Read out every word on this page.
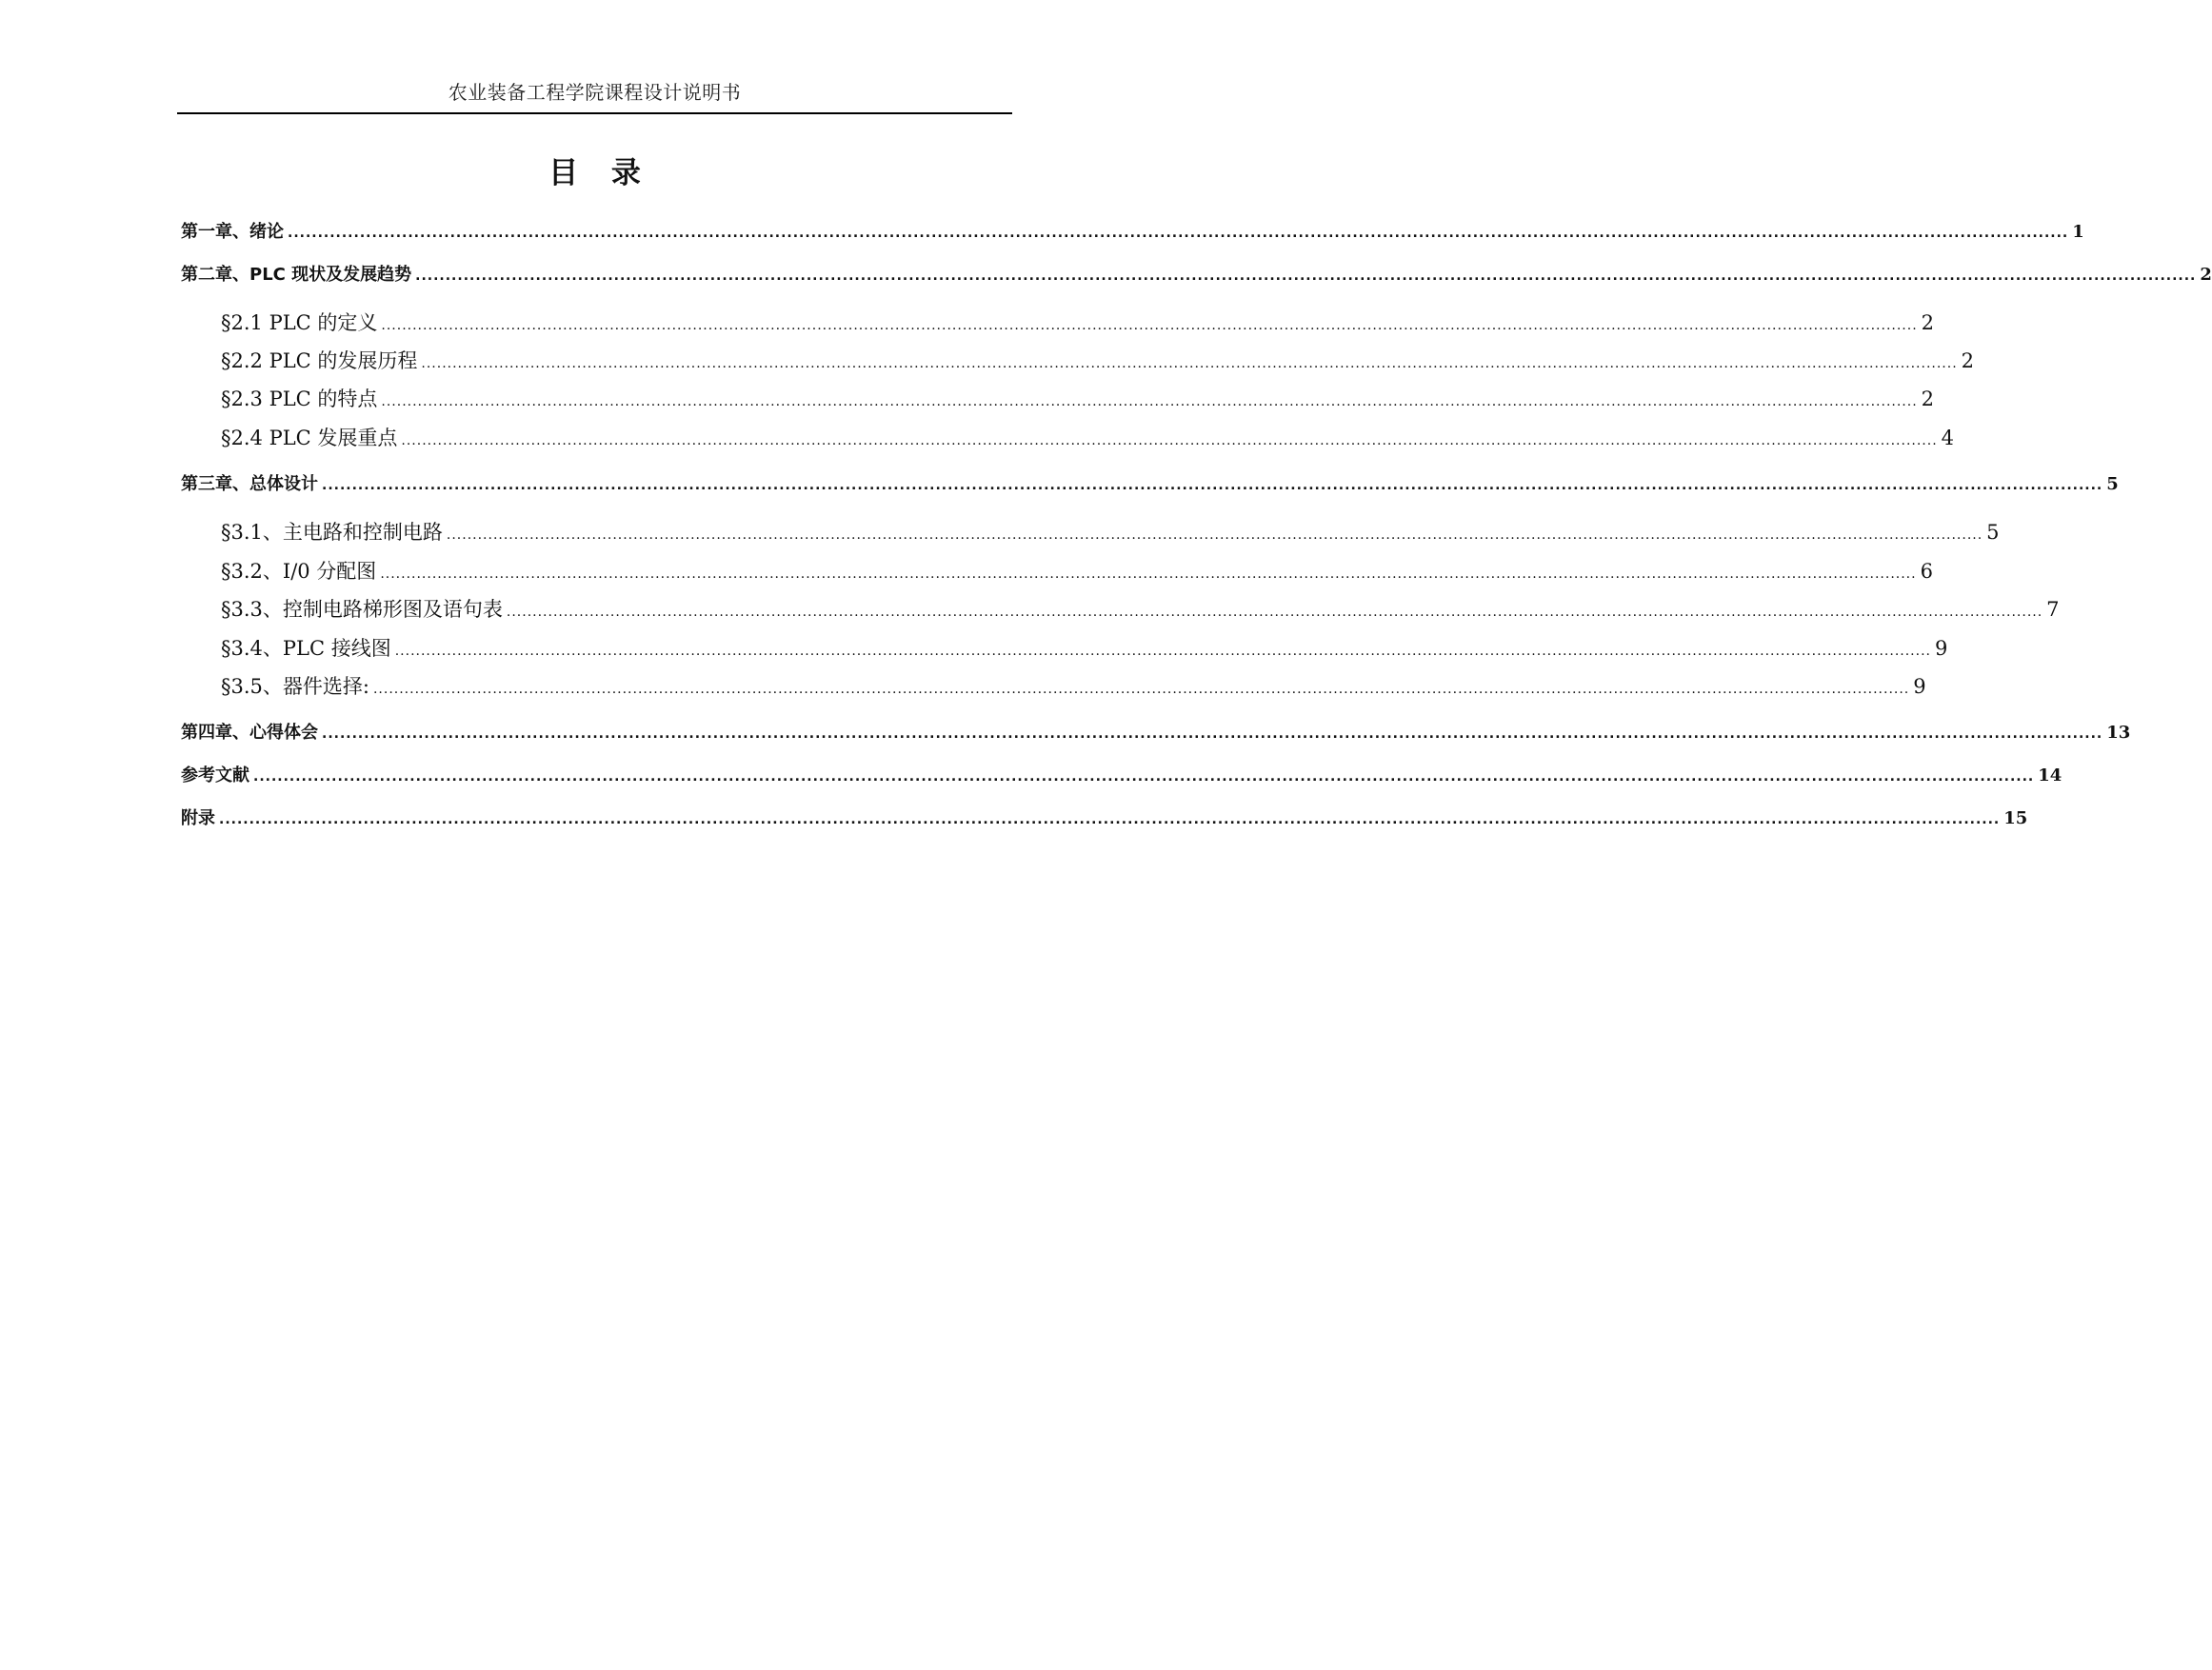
农业装备工程学院课程设计说明书
目 录
第一章、绪论 ........................................................................................................................................................................................................................................................................................................ 1
第二章、PLC 现状及发展趋势 ........................................................................................................................................................................................................................................................................................................ 2
§2.1 PLC 的定义 ........................................................................................................................................................................................................................................................................................................ 2
§2.2 PLC 的发展历程 ........................................................................................................................................................................................................................................................................................................ 2
§2.3 PLC 的特点 ........................................................................................................................................................................................................................................................................................................ 2
§2.4 PLC 发展重点 ........................................................................................................................................................................................................................................................................................................ 4
第三章、总体设计 ........................................................................................................................................................................................................................................................................................................ 5
§3.1、主电路和控制电路 ........................................................................................................................................................................................................................................................................................................ 5
§3.2、I/0 分配图 ........................................................................................................................................................................................................................................................................................................ 6
§3.3、控制电路梯形图及语句表 ........................................................................................................................................................................................................................................................................................................ 7
§3.4、PLC 接线图 ........................................................................................................................................................................................................................................................................................................ 9
§3.5、器件选择: ........................................................................................................................................................................................................................................................................................................ 9
第四章、心得体会 ........................................................................................................................................................................................................................................................................................................ 13
参考文献 ........................................................................................................................................................................................................................................................................................................ 14
附录 ........................................................................................................................................................................................................................................................................................................ 15
